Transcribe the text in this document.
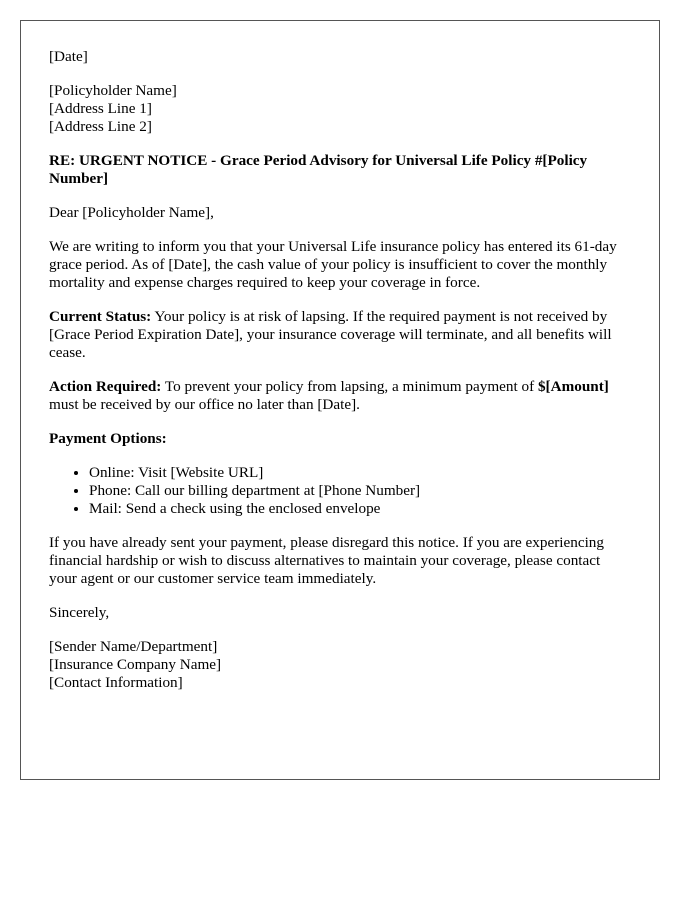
[Date]

[Policyholder Name]
[Address Line 1]
[Address Line 2]

RE: URGENT NOTICE - Grace Period Advisory for Universal Life Policy #[Policy Number]

Dear [Policyholder Name],

We are writing to inform you that your Universal Life insurance policy has entered its 61-day grace period. As of [Date], the cash value of your policy is insufficient to cover the monthly mortality and expense charges required to keep your coverage in force.

Current Status: Your policy is at risk of lapsing. If the required payment is not received by [Grace Period Expiration Date], your insurance coverage will terminate, and all benefits will cease.

Action Required: To prevent your policy from lapsing, a minimum payment of $[Amount] must be received by our office no later than [Date].

Payment Options:

• Online: Visit [Website URL]
• Phone: Call our billing department at [Phone Number]
• Mail: Send a check using the enclosed envelope

If you have already sent your payment, please disregard this notice. If you are experiencing financial hardship or wish to discuss alternatives to maintain your coverage, please contact your agent or our customer service team immediately.

Sincerely,

[Sender Name/Department]
[Insurance Company Name]
[Contact Information]
